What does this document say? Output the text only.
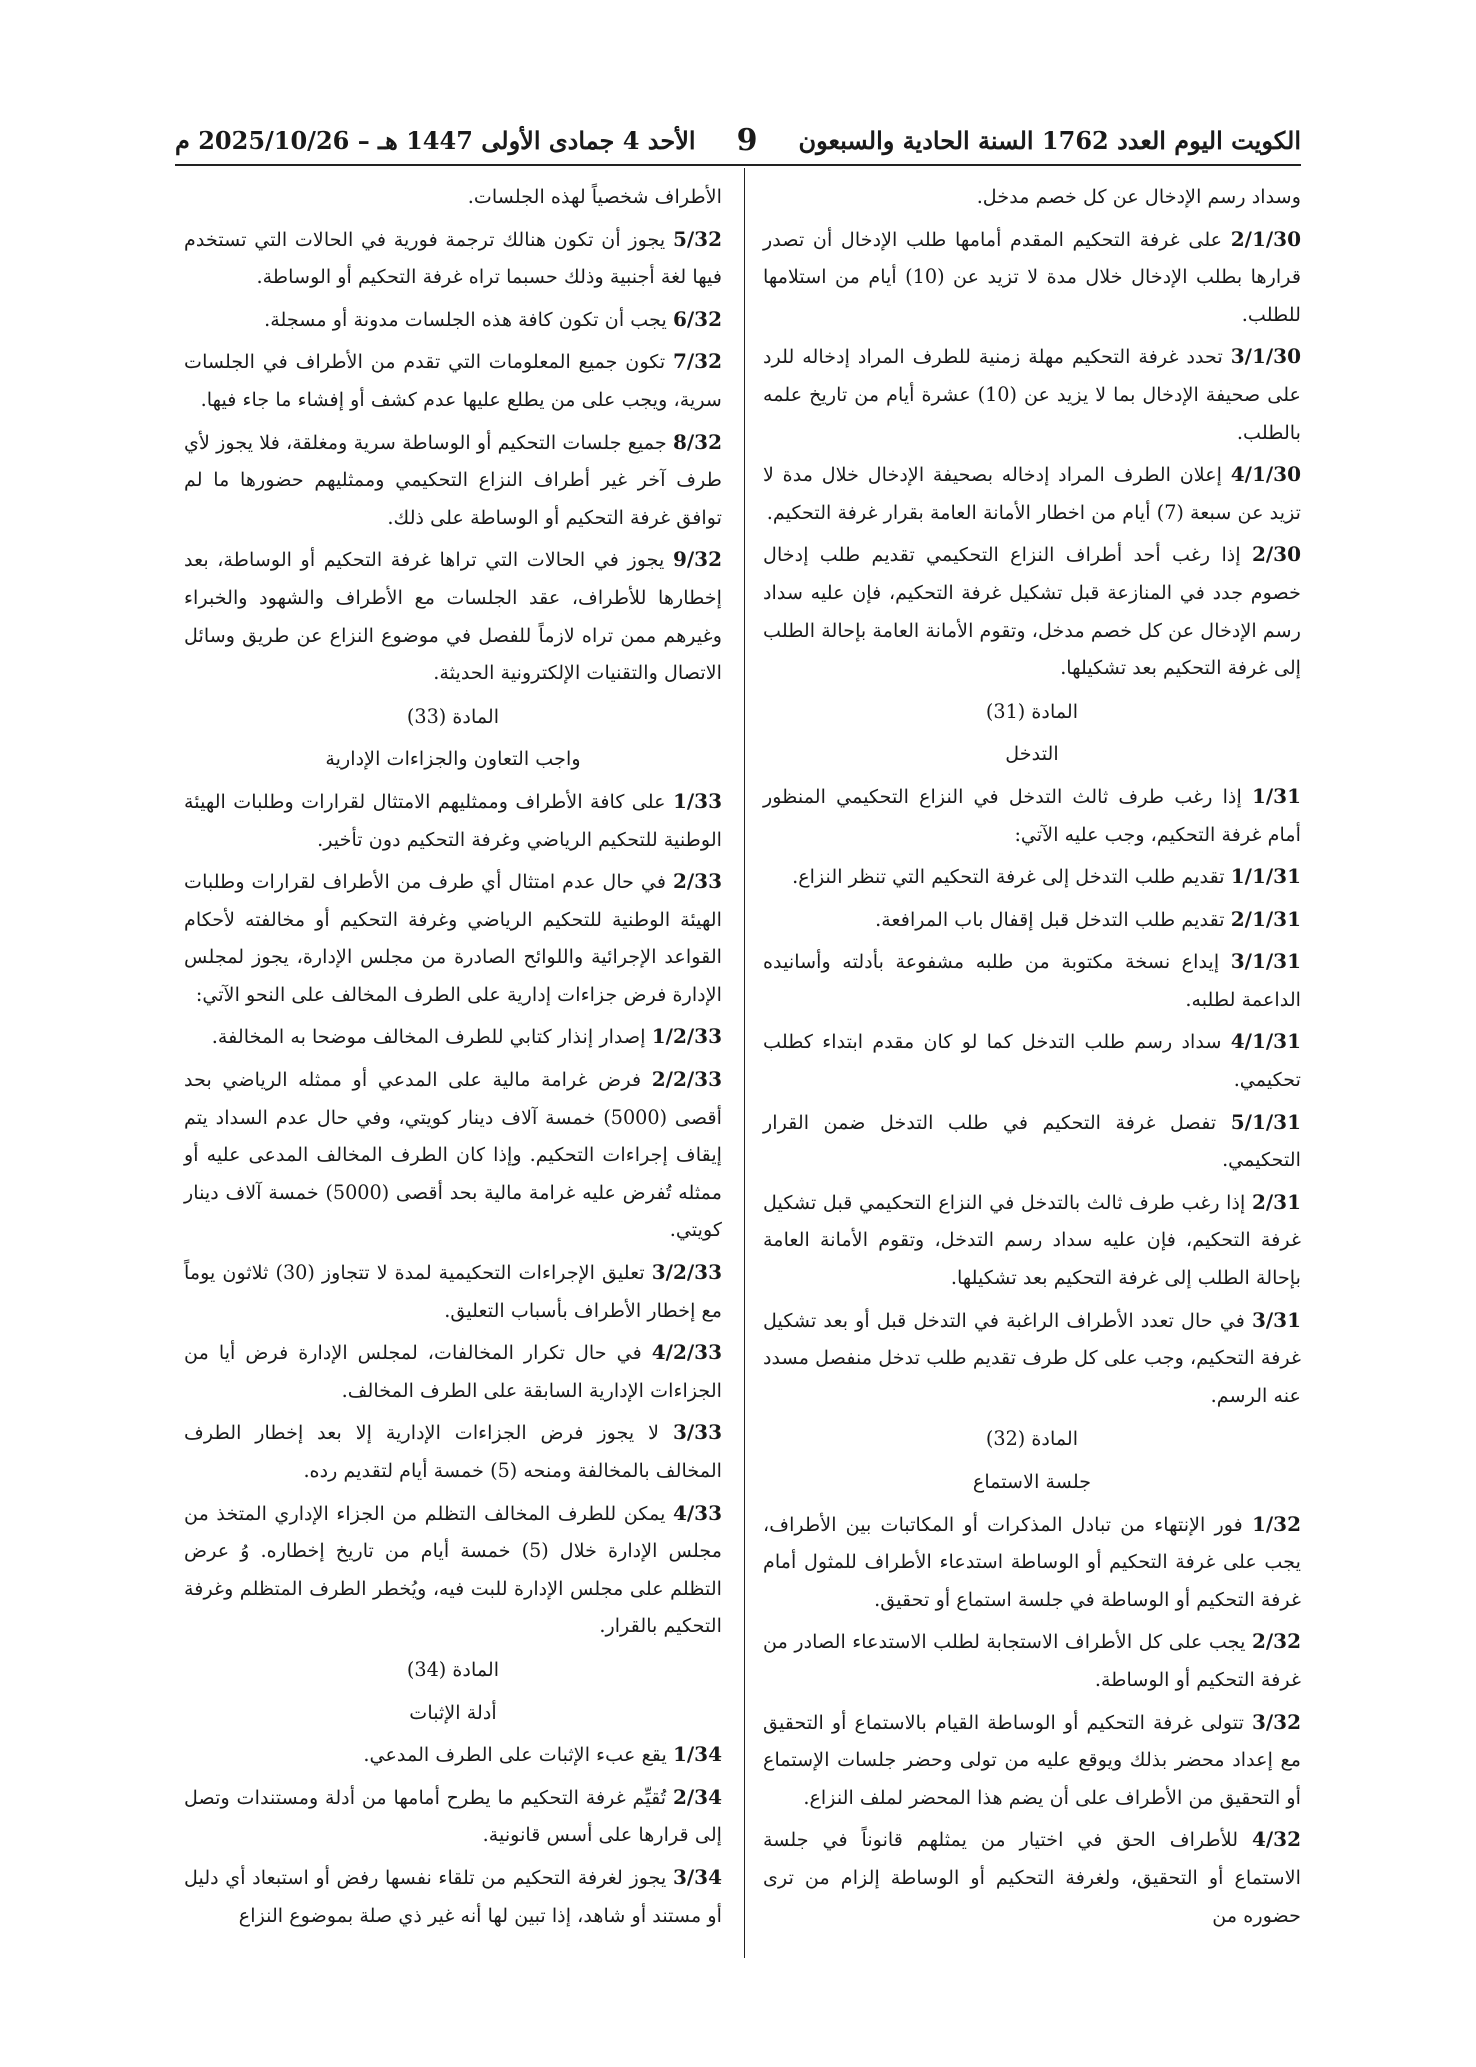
الكويت اليوم العدد 1762 السنة الحادية والسبعون
9
الأحد 4 جمادى الأولى 1447 هـ – 2025/10/26 م

وسداد رسم الإدخال عن كل خصم مدخل.

2/1/30 على غرفة التحكيم المقدم أمامها طلب الإدخال أن تصدر قرارها بطلب الإدخال خلال مدة لا تزيد عن (10) أيام من استلامها للطلب.

3/1/30 تحدد غرفة التحكيم مهلة زمنية للطرف المراد إدخاله للرد على صحيفة الإدخال بما لا يزيد عن (10) عشرة أيام من تاريخ علمه بالطلب.

4/1/30 إعلان الطرف المراد إدخاله بصحيفة الإدخال خلال مدة لا تزيد عن سبعة (7) أيام من اخطار الأمانة العامة بقرار غرفة التحكيم.

2/30 إذا رغب أحد أطراف النزاع التحكيمي تقديم طلب إدخال خصوم جدد في المنازعة قبل تشكيل غرفة التحكيم، فإن عليه سداد رسم الإدخال عن كل خصم مدخل، وتقوم الأمانة العامة بإحالة الطلب إلى غرفة التحكيم بعد تشكيلها.

المادة (31)

التدخل

1/31 إذا رغب طرف ثالث التدخل في النزاع التحكيمي المنظور أمام غرفة التحكيم، وجب عليه الآتي:

1/1/31 تقديم طلب التدخل إلى غرفة التحكيم التي تنظر النزاع.

2/1/31 تقديم طلب التدخل قبل إقفال باب المرافعة.

3/1/31 إيداع نسخة مكتوبة من طلبه مشفوعة بأدلته وأسانيده الداعمة لطلبه.

4/1/31 سداد رسم طلب التدخل كما لو كان مقدم ابتداء كطلب تحكيمي.

5/1/31 تفصل غرفة التحكيم في طلب التدخل ضمن القرار التحكيمي.

2/31 إذا رغب طرف ثالث بالتدخل في النزاع التحكيمي قبل تشكيل غرفة التحكيم، فإن عليه سداد رسم التدخل، وتقوم الأمانة العامة بإحالة الطلب إلى غرفة التحكيم بعد تشكيلها.

3/31 في حال تعدد الأطراف الراغبة في التدخل قبل أو بعد تشكيل غرفة التحكيم، وجب على كل طرف تقديم طلب تدخل منفصل مسدد عنه الرسم.

المادة (32)

جلسة الاستماع

1/32 فور الإنتهاء من تبادل المذكرات أو المكاتبات بين الأطراف، يجب على غرفة التحكيم أو الوساطة استدعاء الأطراف للمثول أمام غرفة التحكيم أو الوساطة في جلسة استماع أو تحقيق.

2/32 يجب على كل الأطراف الاستجابة لطلب الاستدعاء الصادر من غرفة التحكيم أو الوساطة.

3/32 تتولى غرفة التحكيم أو الوساطة القيام بالاستماع أو التحقيق مع إعداد محضر بذلك ويوقع عليه من تولى وحضر جلسات الإستماع أو التحقيق من الأطراف على أن يضم هذا المحضر لملف النزاع.

4/32 للأطراف الحق في اختيار من يمثلهم قانوناً في جلسة الاستماع أو التحقيق، ولغرفة التحكيم أو الوساطة إلزام من ترى حضوره من

الأطراف شخصياً لهذه الجلسات.

5/32 يجوز أن تكون هنالك ترجمة فورية في الحالات التي تستخدم فيها لغة أجنبية وذلك حسبما تراه غرفة التحكيم أو الوساطة.

6/32 يجب أن تكون كافة هذه الجلسات مدونة أو مسجلة.

7/32 تكون جميع المعلومات التي تقدم من الأطراف في الجلسات سرية، ويجب على من يطلع عليها عدم كشف أو إفشاء ما جاء فيها.

8/32 جميع جلسات التحكيم أو الوساطة سرية ومغلقة، فلا يجوز لأي طرف آخر غير أطراف النزاع التحكيمي وممثليهم حضورها ما لم توافق غرفة التحكيم أو الوساطة على ذلك.

9/32 يجوز في الحالات التي تراها غرفة التحكيم أو الوساطة، بعد إخطارها للأطراف، عقد الجلسات مع الأطراف والشهود والخبراء وغيرهم ممن تراه لازماً للفصل في موضوع النزاع عن طريق وسائل الاتصال والتقنيات الإلكترونية الحديثة.

المادة (33)

واجب التعاون والجزاءات الإدارية

1/33 على كافة الأطراف وممثليهم الامتثال لقرارات وطلبات الهيئة الوطنية للتحكيم الرياضي وغرفة التحكيم دون تأخير.

2/33 في حال عدم امتثال أي طرف من الأطراف لقرارات وطلبات الهيئة الوطنية للتحكيم الرياضي وغرفة التحكيم أو مخالفته لأحكام القواعد الإجرائية واللوائح الصادرة من مجلس الإدارة، يجوز لمجلس الإدارة فرض جزاءات إدارية على الطرف المخالف على النحو الآتي:

1/2/33 إصدار إنذار كتابي للطرف المخالف موضحا به المخالفة.

2/2/33 فرض غرامة مالية على المدعي أو ممثله الرياضي بحد أقصى (5000) خمسة آلاف دينار كويتي، وفي حال عدم السداد يتم إيقاف إجراءات التحكيم. وإذا كان الطرف المخالف المدعى عليه أو ممثله تُفرض عليه غرامة مالية بحد أقصى (5000) خمسة آلاف دينار كويتي.

3/2/33 تعليق الإجراءات التحكيمية لمدة لا تتجاوز (30) ثلاثون يوماً مع إخطار الأطراف بأسباب التعليق.

4/2/33 في حال تكرار المخالفات، لمجلس الإدارة فرض أيا من الجزاءات الإدارية السابقة على الطرف المخالف.

3/33 لا يجوز فرض الجزاءات الإدارية إلا بعد إخطار الطرف المخالف بالمخالفة ومنحه (5) خمسة أيام لتقديم رده.

4/33 يمكن للطرف المخالف التظلم من الجزاء الإداري المتخذ من مجلس الإدارة خلال (5) خمسة أيام من تاريخ إخطاره. وُ عرض التظلم على مجلس الإدارة للبت فيه، ويُخطر الطرف المتظلم وغرفة التحكيم بالقرار.

المادة (34)

أدلة الإثبات

1/34 يقع عبء الإثبات على الطرف المدعي.

2/34 تُقيِّم غرفة التحكيم ما يطرح أمامها من أدلة ومستندات وتصل إلى قرارها على أسس قانونية.

3/34 يجوز لغرفة التحكيم من تلقاء نفسها رفض أو استبعاد أي دليل أو مستند أو شاهد، إذا تبين لها أنه غير ذي صلة بموضوع النزاع
